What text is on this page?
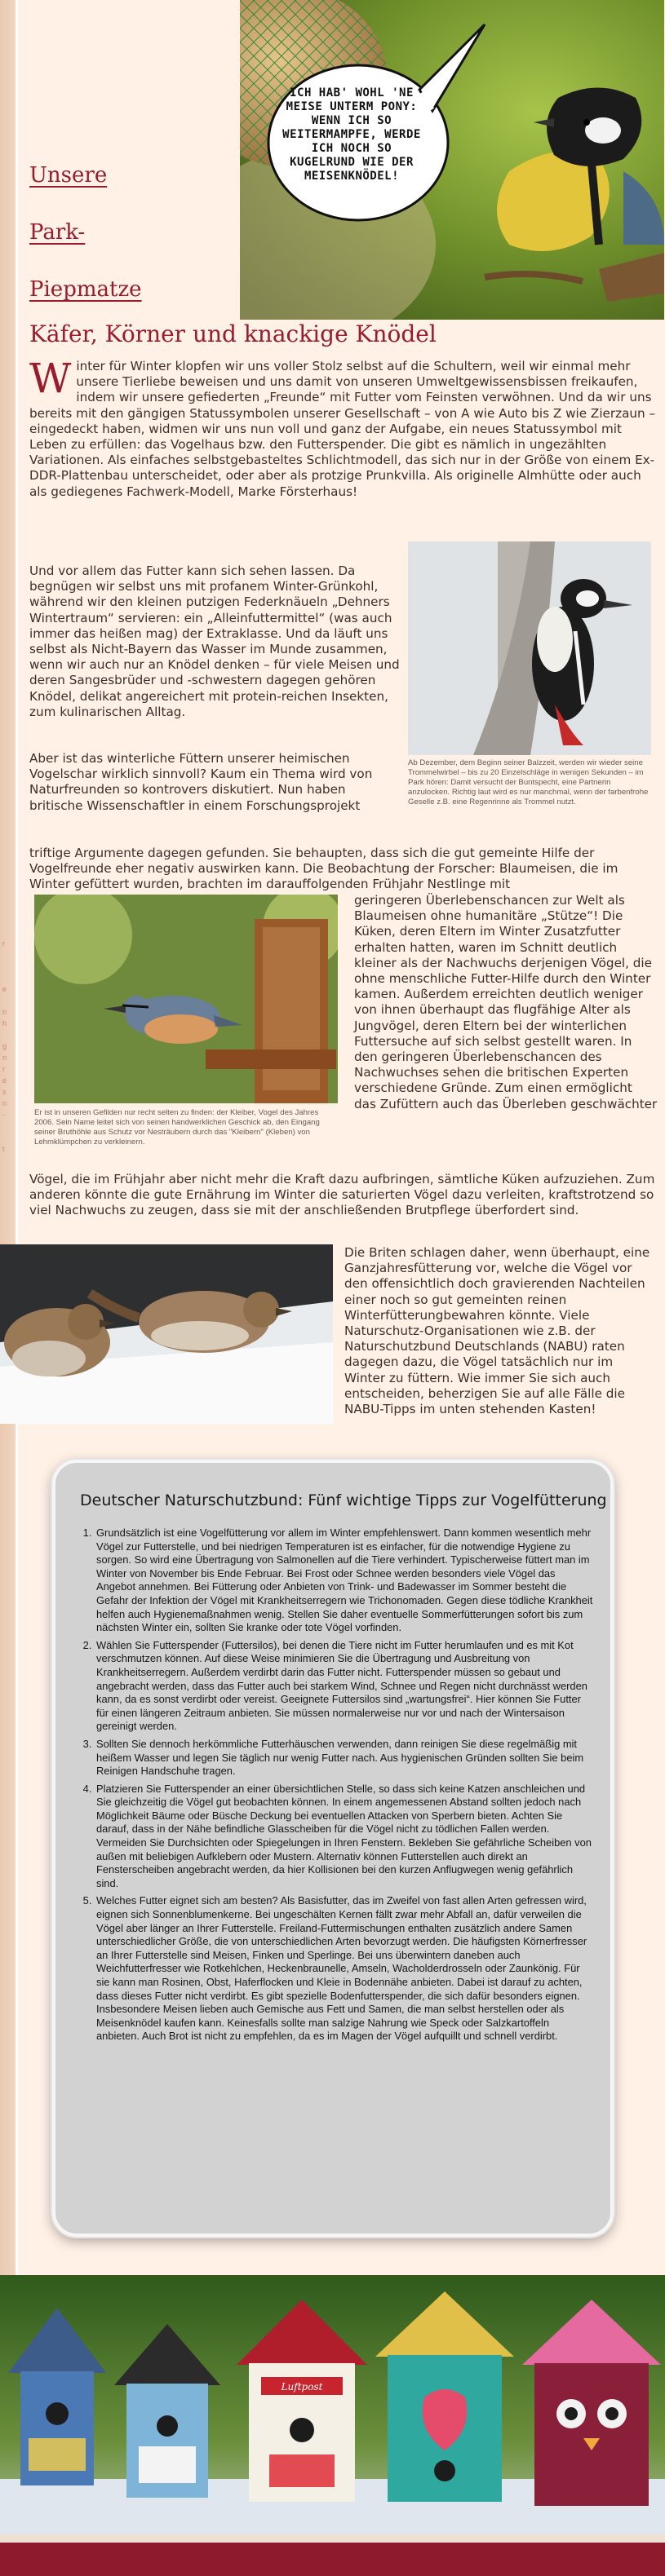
r

e

n
h

g
n
r
e
s
n
-

t
ICH HAB' WOHL 'NE MEISE UNTERM PONY: WENN ICH SO WEITERMAMPFE, WERDE ICH NOCH SO KUGELRUND WIE DER MEISENKNÖDEL!
Unsere
Park-
Piepmatze
Käfer, Körner und knackige Knödel
Winter für Winter klopfen wir uns voller Stolz selbst auf die Schultern, weil wir einmal mehr unsere Tierliebe beweisen und uns damit von unseren Umweltgewissensbissen freikaufen, indem wir unsere gefiederten „Freunde“ mit Futter vom Feinsten verwöhnen. Und da wir uns bereits mit den gängigen Statussymbolen unserer Gesellschaft – von A wie Auto bis Z wie Zierzaun – eingedeckt haben, widmen wir uns nun voll und ganz der Aufgabe, ein neues Statussymbol mit Leben zu erfüllen: das Vogelhaus bzw. den Futterspender. Die gibt es nämlich in ungezählten Variationen. Als einfaches selbstgebasteltes Schlichtmodell, das sich nur in der Größe von einem Ex-DDR-Plattenbau unterscheidet, oder aber als protzige Prunkvilla. Als originelle Almhütte oder auch als gediegenes Fachwerk-Modell, Marke Försterhaus!
Ab Dezember, dem Beginn seiner Balzzeit, werden wir wieder seine Trommelwirbel – bis zu 20 Einzelschläge in wenigen Sekunden – im Park hören: Damit versucht der Buntspecht, eine Partnerin anzulocken. Richtig laut wird es nur manchmal, wenn der farbenfrohe Geselle z.B. eine Regenrinne als Trommel nutzt.
Und vor allem das Futter kann sich sehen lassen. Da begnügen wir selbst uns mit profanem Winter-Grünkohl, während wir den kleinen putzigen Federknäueln „Dehners Wintertraum“ servieren: ein „Alleinfuttermittel“ (was auch immer das heißen mag) der Extraklasse. Und da läuft uns selbst als Nicht-Bayern das Wasser im Munde zusammen, wenn wir auch nur an Knödel denken – für viele Meisen und deren Sangesbrüder und -schwestern dagegen gehören Knödel, delikat angereichert mit protein-reichen Insekten, zum kulinarischen Alltag.
Aber ist das winterliche Füttern unserer heimischen Vogelschar wirklich sinnvoll? Kaum ein Thema wird von Naturfreunden so kontrovers diskutiert. Nun haben britische Wissenschaftler in einem Forschungsprojekt
triftige Argumente dagegen gefunden. Sie behaupten, dass sich die gut gemeinte Hilfe der Vogelfreunde eher negativ auswirken kann. Die Beobachtung der Forscher: Blaumeisen, die im Winter gefüttert wurden, brachten im darauffolgenden Frühjahr Nestlinge mit
Er ist in unseren Gefilden nur recht selten zu finden: der Kleiber, Vogel des Jahres 2006. Sein Name leitet sich von seinen handwerklichen Geschick ab, den Eingang seiner Bruthöhle aus Schutz vor Nesträubern durch das "Kleibern" (Kleben) von Lehmklümpchen zu verkleinern.
geringeren Überlebenschancen zur Welt als Blaumeisen ohne humanitäre „Stütze“! Die Küken, deren Eltern im Winter Zusatzfutter erhalten hatten, waren im Schnitt deutlich kleiner als der Nachwuchs derjenigen Vögel, die ohne menschliche Futter-Hilfe durch den Winter kamen. Außerdem erreichten deutlich weniger von ihnen überhaupt das flugfähige Alter als Jungvögel, deren Eltern bei der winterlichen Futtersuche auf sich selbst gestellt waren. In den geringeren Überlebenschancen des Nachwuchses sehen die britischen Experten verschiedene Gründe. Zum einen ermöglicht das Zufüttern auch das Überleben geschwächter
Vögel, die im Frühjahr aber nicht mehr die Kraft dazu aufbringen, sämtliche Küken aufzuziehen. Zum anderen könnte die gute Ernährung im Winter die saturierten Vögel dazu verleiten, kraftstrotzend so viel Nachwuchs zu zeugen, dass sie mit der anschließenden Brutpflege überfordert sind.
Die Briten schlagen daher, wenn überhaupt, eine Ganzjahresfütterung vor, welche die Vögel vor den offensichtlich doch gravierenden Nachteilen einer noch so gut gemeinten reinen Winterfütterungbewahren könnte. Viele Naturschutz-Organisationen wie z.B. der Naturschutzbund Deutschlands (NABU) raten dagegen dazu, die Vögel tatsächlich nur im Winter zu füttern. Wie immer Sie sich auch entscheiden, beherzigen Sie auf alle Fälle die NABU-Tipps im unten stehenden Kasten!
Deutscher Naturschutzbund: Fünf wichtige Tipps zur Vogelfütterung
1. Grundsätzlich ist eine Vogelfütterung vor allem im Winter empfehlenswert. Dann kommen wesentlich mehr Vögel zur Futterstelle, und bei niedrigen Temperaturen ist es einfacher, für die notwendige Hygiene zu sorgen. So wird eine Übertragung von Salmonellen auf die Tiere verhindert. Typischerweise füttert man im Winter von November bis Ende Februar. Bei Frost oder Schnee werden besonders viele Vögel das Angebot annehmen. Bei Fütterung oder Anbieten von Trink- und Badewasser im Sommer besteht die Gefahr der Infektion der Vögel mit Krankheitserregern wie Trichonomaden. Gegen diese tödliche Krankheit helfen auch Hygienemaßnahmen wenig. Stellen Sie daher eventuelle Sommerfütterungen sofort bis zum nächsten Winter ein, sollten Sie kranke oder tote Vögel vorfinden.
2. Wählen Sie Futterspender (Futtersilos), bei denen die Tiere nicht im Futter herumlaufen und es mit Kot verschmutzen können. Auf diese Weise minimieren Sie die Übertragung und Ausbreitung von Krankheitserregern. Außerdem verdirbt darin das Futter nicht. Futterspender müssen so gebaut und angebracht werden, dass das Futter auch bei starkem Wind, Schnee und Regen nicht durchnässt werden kann, da es sonst verdirbt oder vereist. Geeignete Futtersilos sind „wartungsfrei“. Hier können Sie Futter für einen längeren Zeitraum anbieten. Sie müssen normalerweise nur vor und nach der Wintersaison gereinigt werden.
3. Sollten Sie dennoch herkömmliche Futterhäuschen verwenden, dann reinigen Sie diese regelmäßig mit heißem Wasser und legen Sie täglich nur wenig Futter nach. Aus hygienischen Gründen sollten Sie beim Reinigen Handschuhe tragen.
4. Platzieren Sie Futterspender an einer übersichtlichen Stelle, so dass sich keine Katzen anschleichen und Sie gleichzeitig die Vögel gut beobachten können. In einem angemessenen Abstand sollten jedoch nach Möglichkeit Bäume oder Büsche Deckung bei eventuellen Attacken von Sperbern bieten. Achten Sie darauf, dass in der Nähe befindliche Glasscheiben für die Vögel nicht zu tödlichen Fallen werden. Vermeiden Sie Durchsichten oder Spiegelungen in Ihren Fenstern. Bekleben Sie gefährliche Scheiben von außen mit beliebigen Aufklebern oder Mustern. Alternativ können Futterstellen auch direkt an Fensterscheiben angebracht werden, da hier Kollisionen bei den kurzen Anflugwegen wenig gefährlich sind.
5. Welches Futter eignet sich am besten? Als Basisfutter, das im Zweifel von fast allen Arten gefressen wird, eignen sich Sonnenblumenkerne. Bei ungeschälten Kernen fällt zwar mehr Abfall an, dafür verweilen die Vögel aber länger an Ihrer Futterstelle. Freiland-Futtermischungen enthalten zusätzlich andere Samen unterschiedlicher Größe, die von unterschiedlichen Arten bevorzugt werden. Die häufigsten Körnerfresser an Ihrer Futterstelle sind Meisen, Finken und Sperlinge. Bei uns überwintern daneben auch Weichfutterfresser wie Rotkehlchen, Heckenbraunelle, Amseln, Wacholderdrosseln oder Zaunkönig. Für sie kann man Rosinen, Obst, Haferflocken und Kleie in Bodennähe anbieten. Dabei ist darauf zu achten, dass dieses Futter nicht verdirbt. Es gibt spezielle Bodenfutterspender, die sich dafür besonders eignen. Insbesondere Meisen lieben auch Gemische aus Fett und Samen, die man selbst herstellen oder als Meisenknödel kaufen kann. Keinesfalls sollte man salzige Nahrung wie Speck oder Salzkartoffeln anbieten. Auch Brot ist nicht zu empfehlen, da es im Magen der Vögel aufquillt und schnell verdirbt.
Luftpost
